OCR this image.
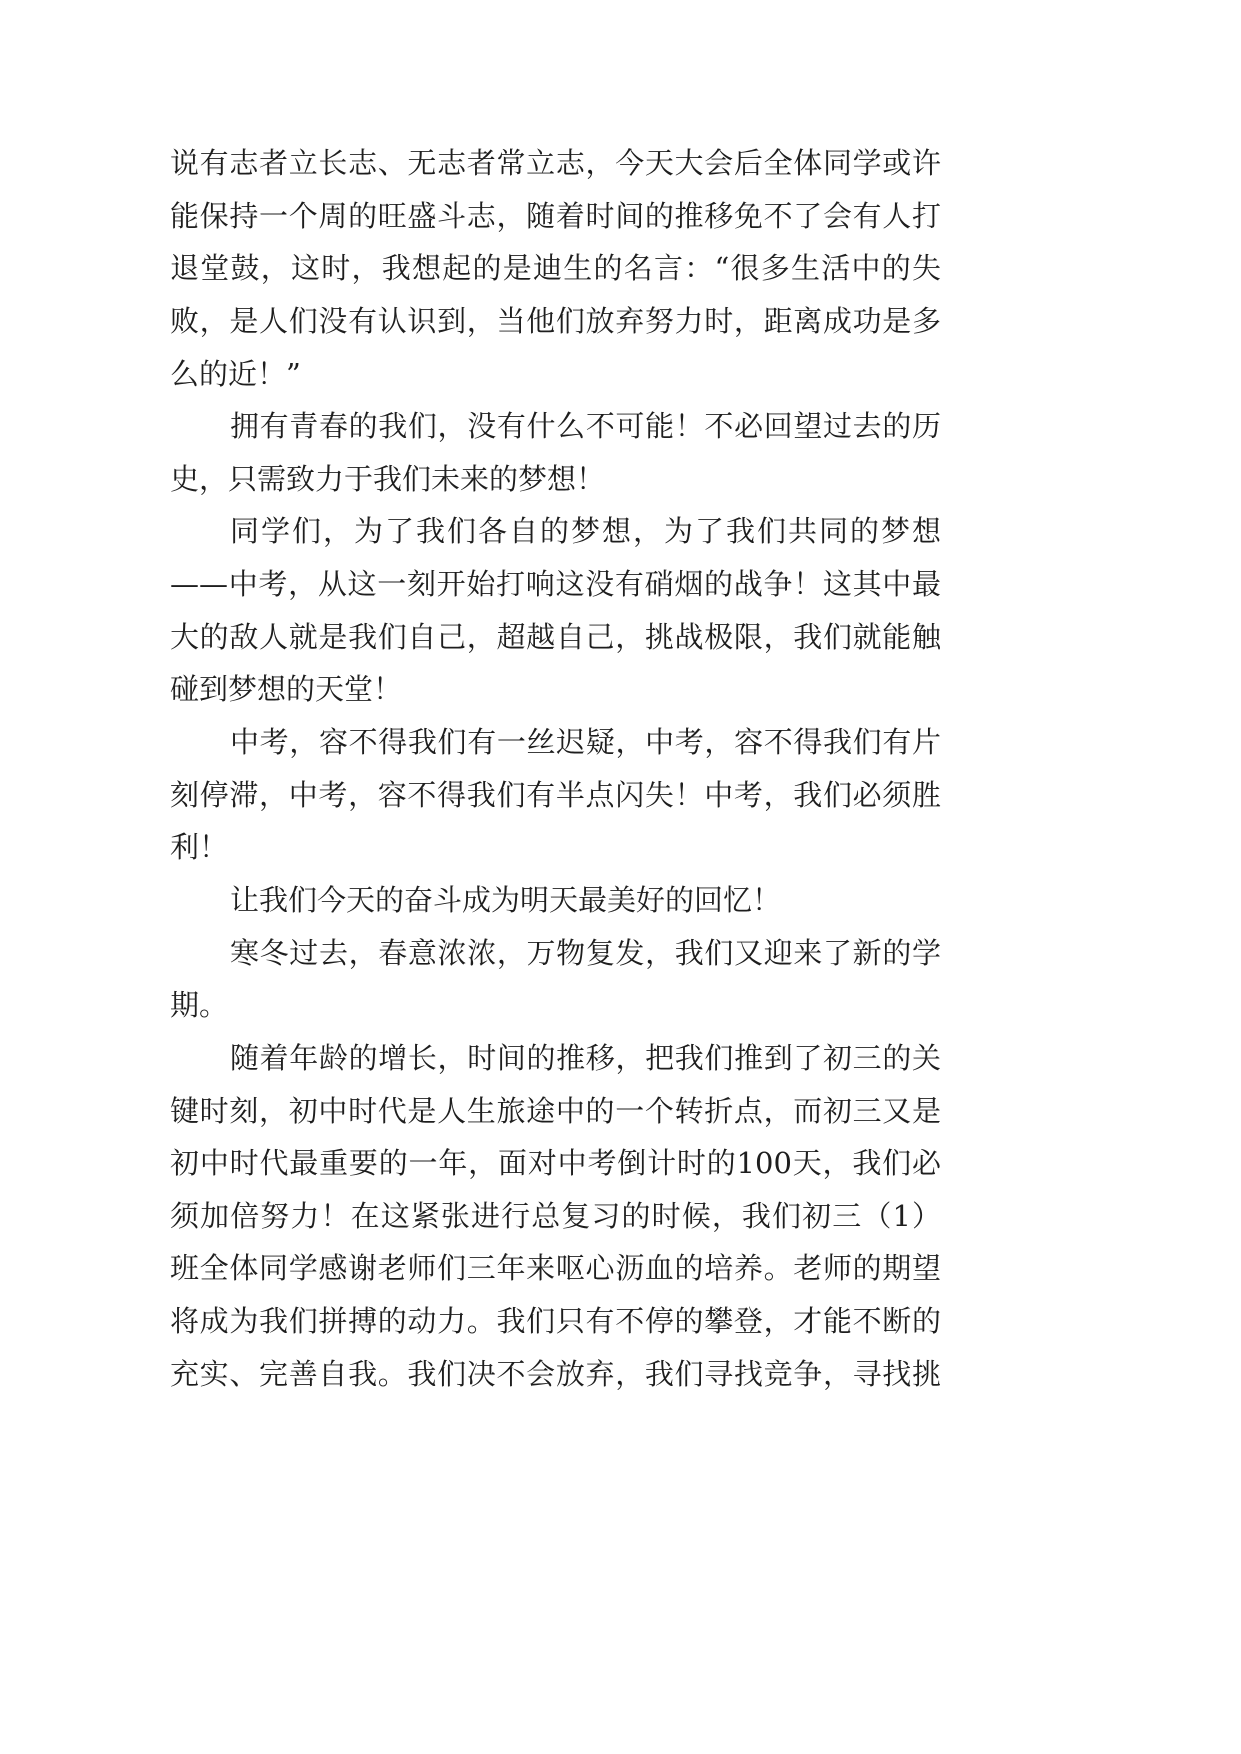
说有志者立长志、无志者常立志，今天大会后全体同学或许
能保持一个周的旺盛斗志，随着时间的推移免不了会有人打
退堂鼓，这时，我想起的是迪生的名言：“很多生活中的失
败，是人们没有认识到，当他们放弃努力时，距离成功是多
么的近！”
拥有青春的我们，没有什么不可能！不必回望过去的历
史，只需致力于我们未来的梦想！
同学们，为了我们各自的梦想，为了我们共同的梦想
——中考，从这一刻开始打响这没有硝烟的战争！这其中最
大的敌人就是我们自己，超越自己，挑战极限，我们就能触
碰到梦想的天堂！
中考，容不得我们有一丝迟疑，中考，容不得我们有片
刻停滞，中考，容不得我们有半点闪失！中考，我们必须胜
利！
让我们今天的奋斗成为明天最美好的回忆！
寒冬过去，春意浓浓，万物复发，我们又迎来了新的学
期。
随着年龄的增长，时间的推移，把我们推到了初三的关
键时刻，初中时代是人生旅途中的一个转折点，而初三又是
初中时代最重要的一年，面对中考倒计时的100天，我们必
须加倍努力！在这紧张进行总复习的时候，我们初三（1）
班全体同学感谢老师们三年来呕心沥血的培养。老师的期望
将成为我们拼搏的动力。我们只有不停的攀登，才能不断的
充实、完善自我。我们决不会放弃，我们寻找竞争，寻找挑
